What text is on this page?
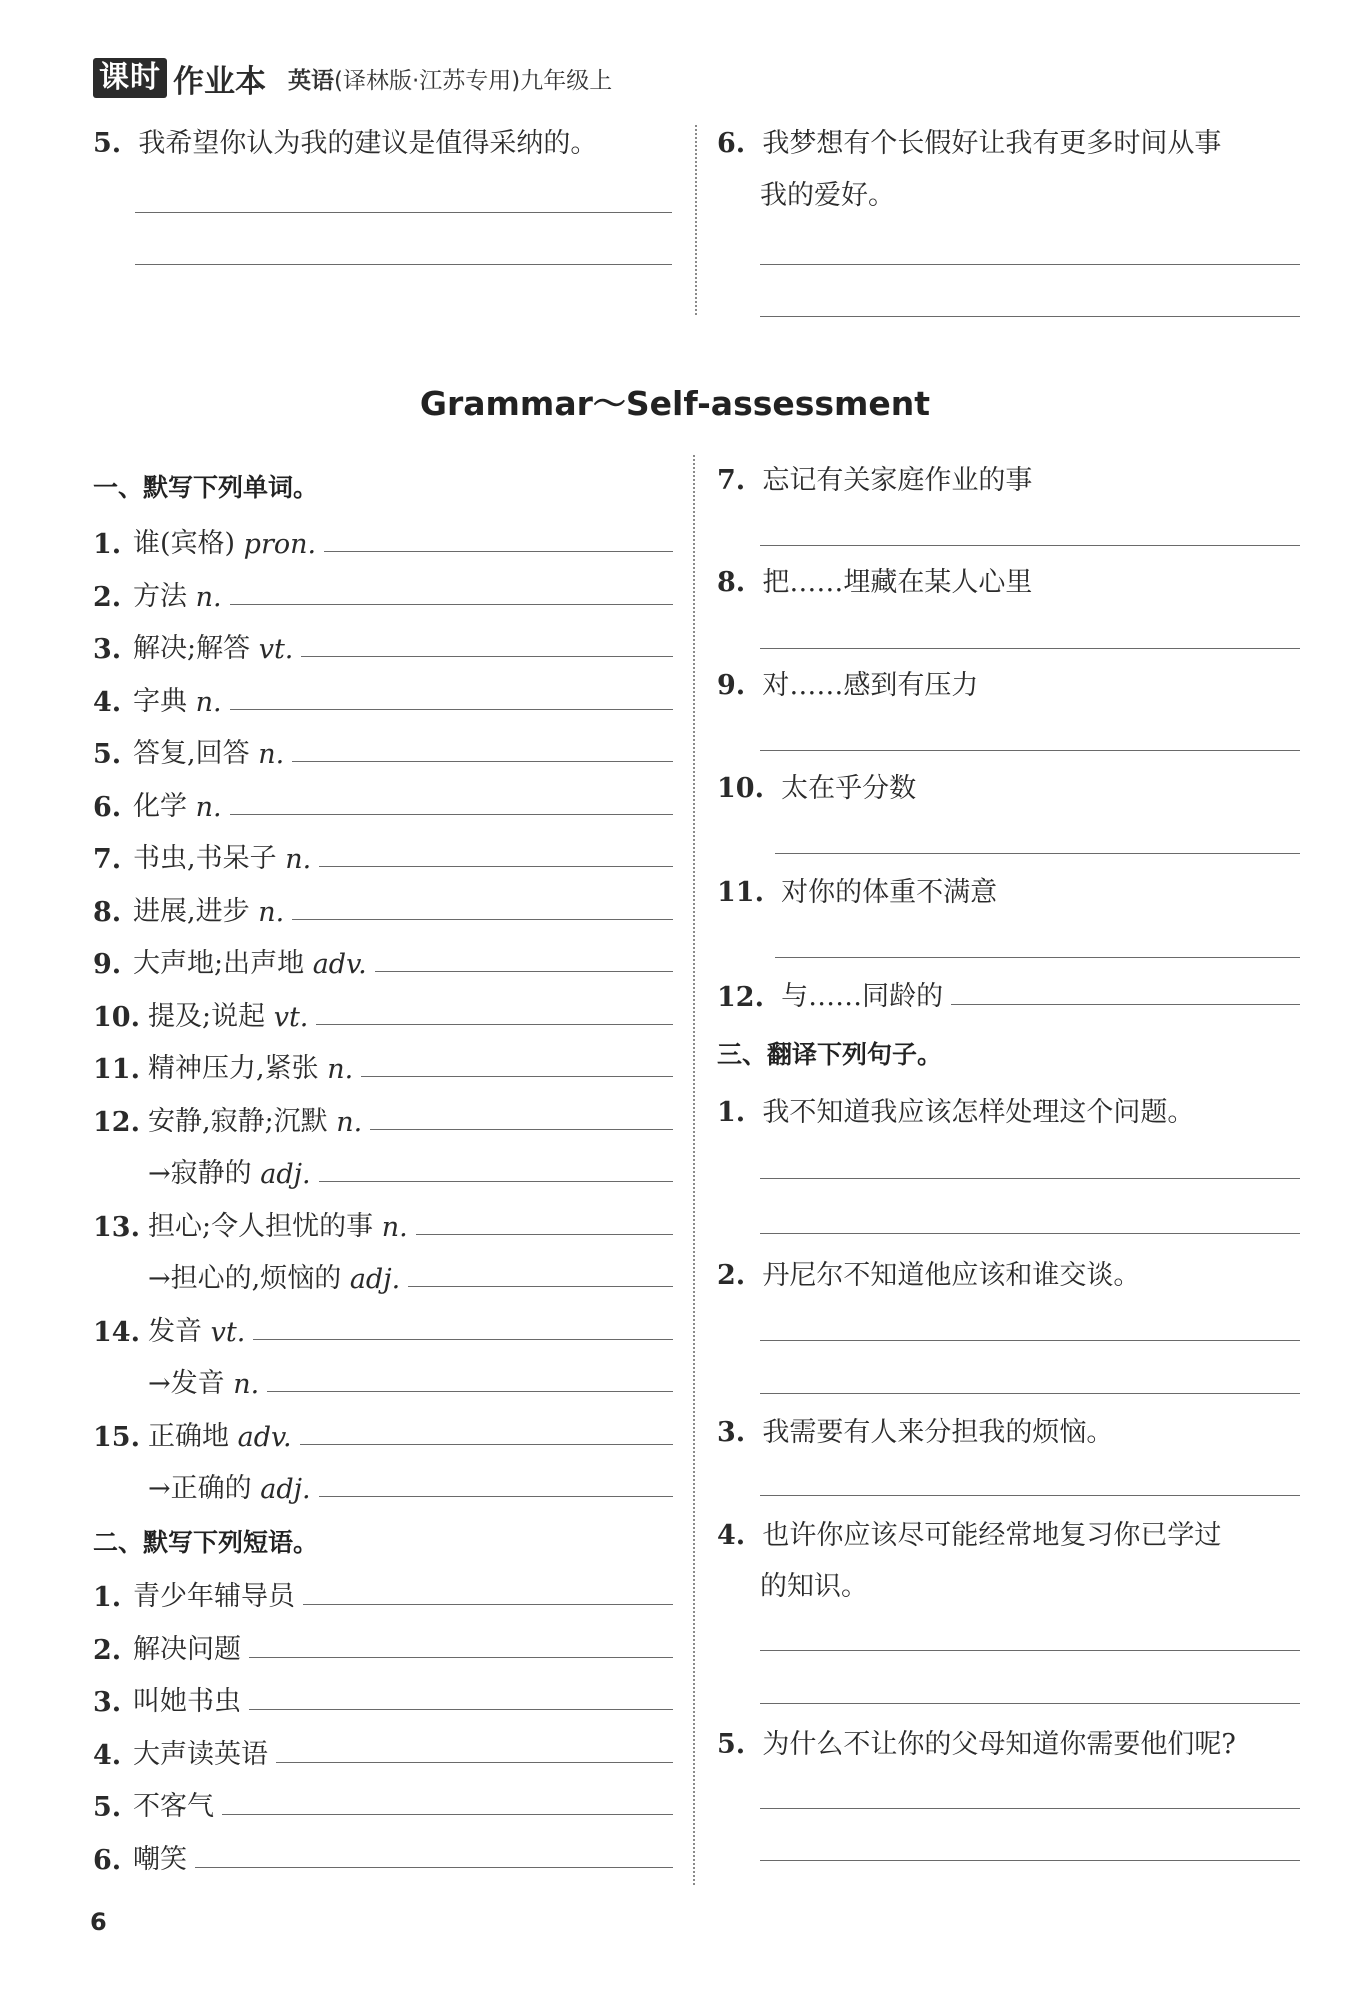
课时 作业本 英语(译林版·江苏专用)九年级上
5. 我希望你认为我的建议是值得采纳的。	6. 我梦想有个长假好让我有更多时间从事
我的爱好。
Grammar～Self-assessment
一、默写下列单词。
1. 谁(宾格)
pron.
2. 方法
n.
3. 解决;解答
vt.
4. 字典
n.
5. 答复,回答
n.
6. 化学
n.
7. 书虫,书呆子
n.
8. 进展,进步
n.
9. 大声地;出声地
adv.
10. 提及;说起
vt.
11. 精神压力,紧张
n.
12. 安静,寂静;沉默
n.
→寂静的
adj.
13. 担心;令人担忧的事
n.
→担心的,烦恼的
adj.
14. 发音
vt.
→发音
n.
15. 正确地
adv.
→正确的
adj.
二、默写下列短语。
1. 青少年辅导员
2. 解决问题
3. 叫她书虫
4. 大声读英语
5. 不客气
6. 嘲笑
7. 忘记有关家庭作业的事
8. 把……埋藏在某人心里
9. 对……感到有压力
10. 太在乎分数
11. 对你的体重不满意
12.
与……同龄的
三、翻译下列句子。
1. 我不知道我应该怎样处理这个问题。
2. 丹尼尔不知道他应该和谁交谈。
3. 我需要有人来分担我的烦恼。
4. 也许你应该尽可能经常地复习你已学过
的知识。
5. 为什么不让你的父母知道你需要他们呢?
6
